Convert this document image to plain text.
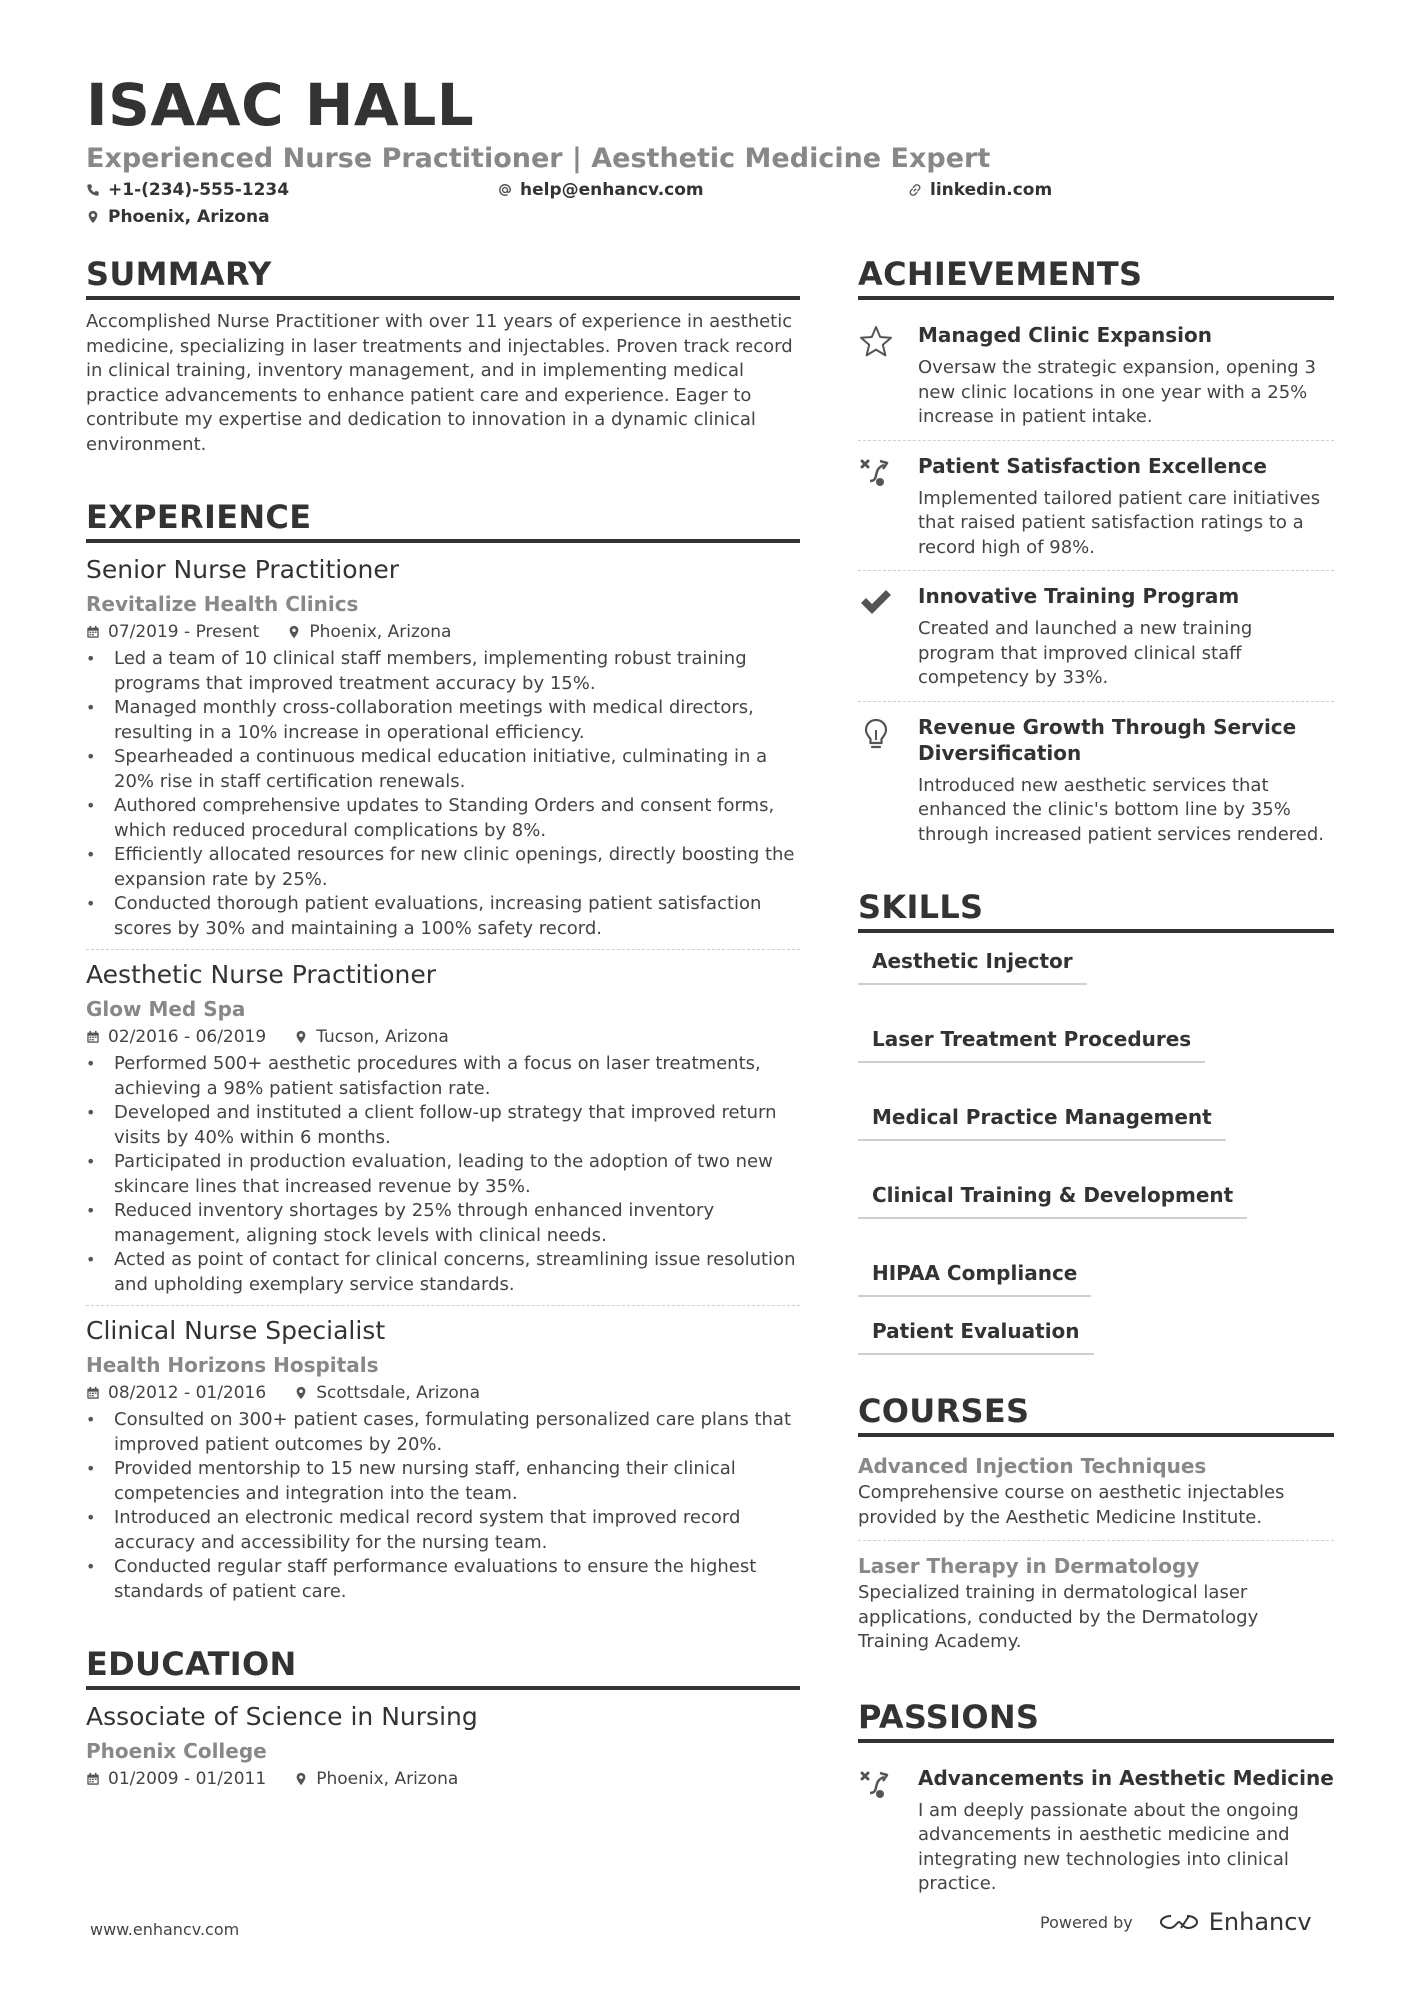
ISAAC HALL
Experienced Nurse Practitioner | Aesthetic Medicine Expert
+1-(234)-555-1234	help@enhancv.com	linkedin.com
Phoenix, Arizona
SUMMARY
Accomplished Nurse Practitioner with over 11 years of experience in aesthetic medicine, specializing in laser treatments and injectables. Proven track record in clinical training, inventory management, and in implementing medical practice advancements to enhance patient care and experience. Eager to contribute my expertise and dedication to innovation in a dynamic clinical environment.
EXPERIENCE
Senior Nurse Practitioner
Revitalize Health Clinics
07/2019 - Present	Phoenix, Arizona
• Led a team of 10 clinical staff members, implementing robust training programs that improved treatment accuracy by 15%.
• Managed monthly cross-collaboration meetings with medical directors, resulting in a 10% increase in operational efficiency.
• Spearheaded a continuous medical education initiative, culminating in a 20% rise in staff certification renewals.
• Authored comprehensive updates to Standing Orders and consent forms, which reduced procedural complications by 8%.
• Efficiently allocated resources for new clinic openings, directly boosting the expansion rate by 25%.
• Conducted thorough patient evaluations, increasing patient satisfaction scores by 30% and maintaining a 100% safety record.
Aesthetic Nurse Practitioner
Glow Med Spa
02/2016 - 06/2019	Tucson, Arizona
• Performed 500+ aesthetic procedures with a focus on laser treatments, achieving a 98% patient satisfaction rate.
• Developed and instituted a client follow-up strategy that improved return visits by 40% within 6 months.
• Participated in production evaluation, leading to the adoption of two new skincare lines that increased revenue by 35%.
• Reduced inventory shortages by 25% through enhanced inventory management, aligning stock levels with clinical needs.
• Acted as point of contact for clinical concerns, streamlining issue resolution and upholding exemplary service standards.
Clinical Nurse Specialist
Health Horizons Hospitals
08/2012 - 01/2016	Scottsdale, Arizona
• Consulted on 300+ patient cases, formulating personalized care plans that improved patient outcomes by 20%.
• Provided mentorship to 15 new nursing staff, enhancing their clinical competencies and integration into the team.
• Introduced an electronic medical record system that improved record accuracy and accessibility for the nursing team.
• Conducted regular staff performance evaluations to ensure the highest standards of patient care.
EDUCATION
Associate of Science in Nursing
Phoenix College
01/2009 - 01/2011	Phoenix, Arizona
ACHIEVEMENTS
Managed Clinic Expansion
Oversaw the strategic expansion, opening 3 new clinic locations in one year with a 25% increase in patient intake.
Patient Satisfaction Excellence
Implemented tailored patient care initiatives that raised patient satisfaction ratings to a record high of 98%.
Innovative Training Program
Created and launched a new training program that improved clinical staff competency by 33%.
Revenue Growth Through Service Diversification
Introduced new aesthetic services that enhanced the clinic's bottom line by 35% through increased patient services rendered.
SKILLS
Aesthetic Injector
Laser Treatment Procedures
Medical Practice Management
Clinical Training & Development
HIPAA Compliance
Patient Evaluation
COURSES
Advanced Injection Techniques
Comprehensive course on aesthetic injectables provided by the Aesthetic Medicine Institute.
Laser Therapy in Dermatology
Specialized training in dermatological laser applications, conducted by the Dermatology Training Academy.
PASSIONS
Advancements in Aesthetic Medicine
I am deeply passionate about the ongoing advancements in aesthetic medicine and integrating new technologies into clinical practice.
www.enhancv.com	Powered by	Enhancv
